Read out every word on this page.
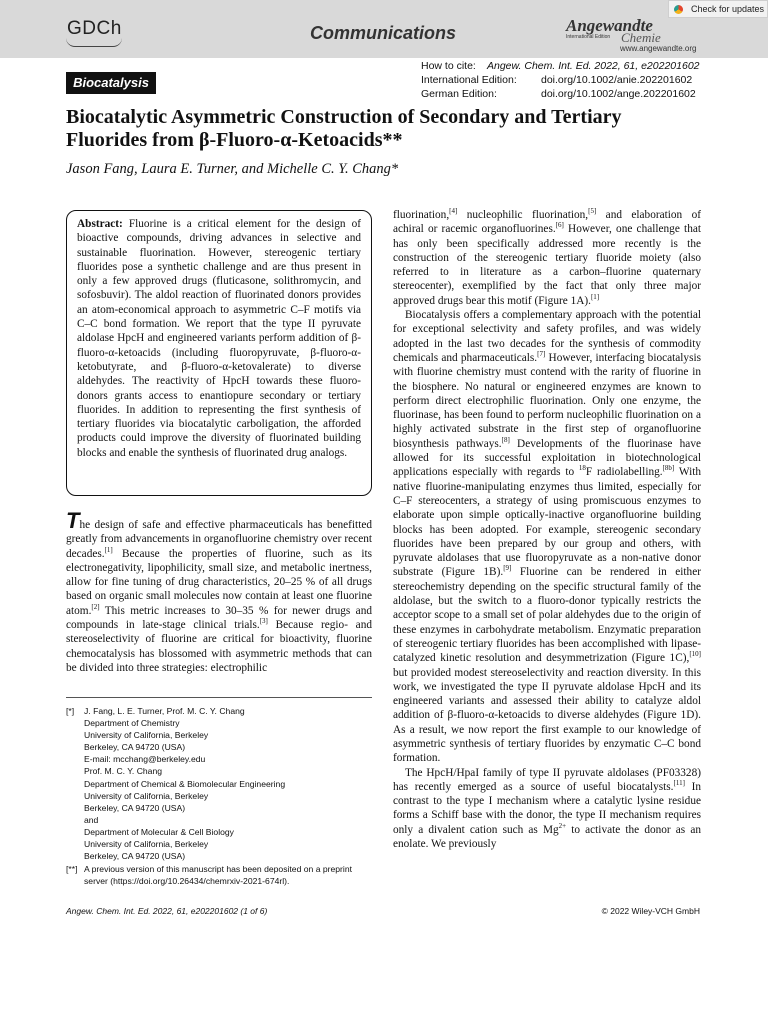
GDCh	Communications	Angewandte
International Edition Chemie
www.angewandte.org
Check for updates
Biocatalysis
How to cite: Angew. Chem. Int. Ed. 2022, 61, e202201602
International Edition: doi.org/10.1002/anie.202201602
German Edition:	doi.org/10.1002/ange.202201602
Biocatalytic Asymmetric Construction of Secondary and Tertiary
Fluorides from β-Fluoro-α-Ketoacids**
Jason Fang, Laura E. Turner, and Michelle C. Y. Chang*
Abstract: Fluorine is a critical element for the design of bioactive compounds, driving advances in selective and sustainable fluorination. However, stereogenic tertiary fluorides pose a synthetic challenge and are thus present in only a few approved drugs (fluticasone, solithromycin, and sofosbuvir). The aldol reaction of fluorinated donors provides an atom-economical approach to asymmetric C–F motifs via C–C bond formation. We report that the type II pyruvate aldolase HpcH and engineered variants perform addition of β-fluoro-α-ketoacids (including fluoropyruvate, β-fluoro-α-ketobutyrate, and β-fluoro-α-ketovalerate) to diverse aldehydes. The reactivity of HpcH towards these fluoro-donors grants access to enantiopure secondary or tertiary fluorides. In addition to representing the first synthesis of tertiary fluorides via biocatalytic carboligation, the afforded products could improve the diversity of fluorinated building blocks and enable the synthesis of fluorinated drug analogs.

The design of safe and effective pharmaceuticals has benefitted greatly from advancements in organofluorine chemistry over recent decades.[1] Because the properties of fluorine, such as its electronegativity, lipophilicity, small size, and metabolic inertness, allow for fine tuning of drug characteristics, 20–25 % of all drugs based on organic small molecules now contain at least one fluorine atom.[2] This metric increases to 30–35 % for newer drugs and compounds in late-stage clinical trials.[3] Because regio- and stereoselectivity of fluorine are critical for bioactivity, fluorine chemocatalysis has blossomed with asymmetric methods that can be divided into three strategies: electrophilic

[*] J. Fang, L. E. Turner, Prof. M. C. Y. Chang
Department of Chemistry
University of California, Berkeley
Berkeley, CA 94720 (USA)
E-mail: mcchang@berkeley.edu
Prof. M. C. Y. Chang
Department of Chemical & Biomolecular Engineering
University of California, Berkeley
Berkeley, CA 94720 (USA)
and
Department of Molecular & Cell Biology
University of California, Berkeley
Berkeley, CA 94720 (USA)
[**] A previous version of this manuscript has been deposited on a preprint server (https://doi.org/10.26434/chemrxiv-2021-674rl).

fluorination,[4] nucleophilic fluorination,[5] and elaboration of achiral or racemic organofluorines.[6] However, one challenge that has only been specifically addressed more recently is the construction of the stereogenic tertiary fluoride moiety (also referred to in literature as a carbon–fluorine quaternary stereocenter), exemplified by the fact that only three major approved drugs bear this motif (Figure 1A).[1]

Biocatalysis offers a complementary approach with the potential for exceptional selectivity and safety profiles, and was widely adopted in the last two decades for the synthesis of commodity chemicals and pharmaceuticals.[7] However, interfacing biocatalysis with fluorine chemistry must contend with the rarity of fluorine in the biosphere. No natural or engineered enzymes are known to perform direct electrophilic fluorination. Only one enzyme, the fluorinase, has been found to perform nucleophilic fluorination on a highly activated substrate in the first step of organofluorine biosynthesis pathways.[8] Developments of the fluorinase have allowed for its successful exploitation in biotechnological applications especially with regards to $^{18}$F radiolabelling.[8b] With native fluorine-manipulating enzymes thus limited, especially for C–F stereocenters, a strategy of using promiscuous enzymes to elaborate upon simple optically-inactive organofluorine building blocks has been adopted. For example, stereogenic secondary fluorides have been prepared by our group and others, with pyruvate aldolases that use fluoropyruvate as a non-native donor substrate (Figure 1B).[9] Fluorine can be rendered in either stereochemistry depending on the specific structural family of the aldolase, but the switch to a fluoro-donor typically restricts the acceptor scope to a small set of polar aldehydes due to the origin of these enzymes in carbohydrate metabolism. Enzymatic preparation of stereogenic tertiary fluorides has been accomplished with lipase-catalyzed kinetic resolution and desymmetrization (Figure 1C),[10] but provided modest stereoselectivity and reaction diversity. In this work, we investigated the type II pyruvate aldolase HpcH and its engineered variants and assessed their ability to catalyze aldol addition of β-fluoro-α-ketoacids to diverse aldehydes (Figure 1D). As a result, we now report the first example to our knowledge of asymmetric synthesis of tertiary fluorides by enzymatic C–C bond formation.

The HpcH/HpaI family of type II pyruvate aldolases (PF03328) has recently emerged as a source of useful biocatalysts.[11] In contrast to the type I mechanism where a catalytic lysine residue forms a Schiff base with the donor, the type II mechanism requires only a divalent cation such as $Mg^{2+}$ to activate the donor as an enolate. We previously

Angew. Chem. Int. Ed. 2022, 61, e202201602 (1 of 6)	© 2022 Wiley-VCH GmbH
